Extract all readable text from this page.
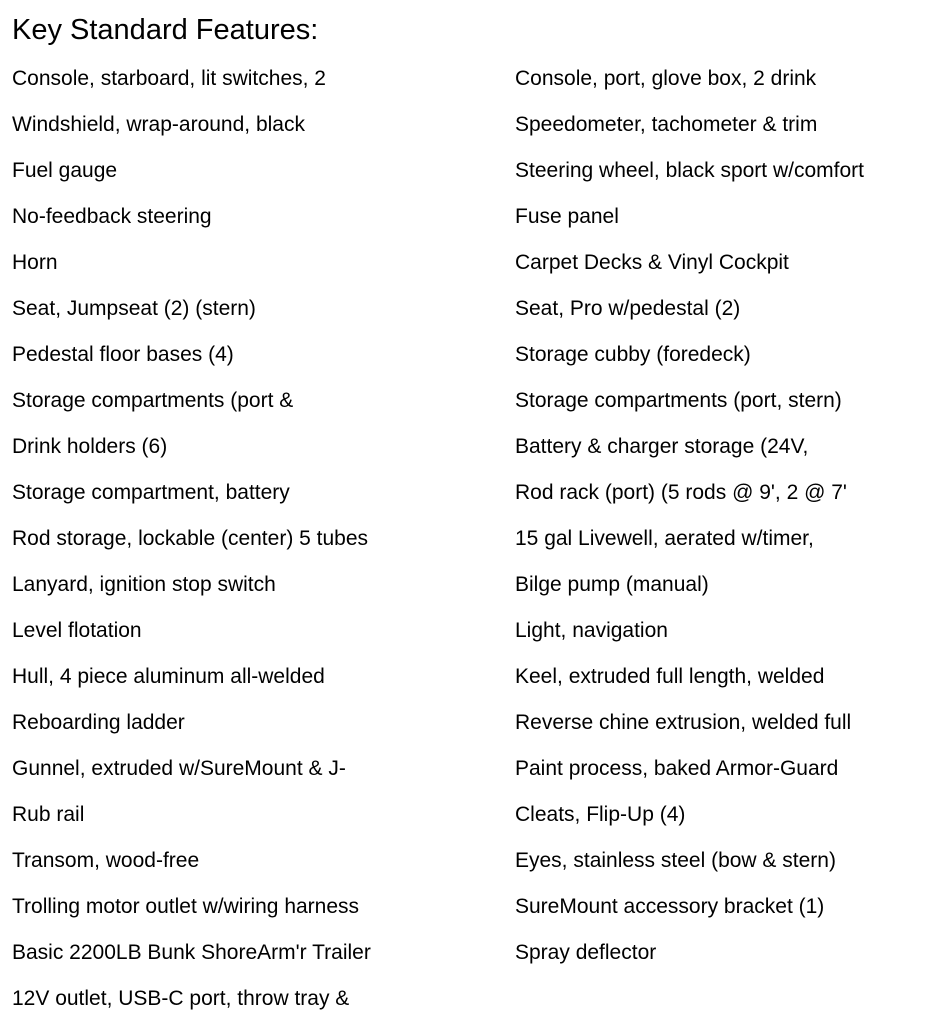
Key Standard Features:
Console, starboard, lit switches, 2
Windshield, wrap-around, black
Fuel gauge
No-feedback steering
Horn
Seat, Jumpseat (2) (stern)
Pedestal floor bases (4)
Storage compartments (port &
Drink holders (6)
Storage compartment, battery
Rod storage, lockable (center) 5 tubes
Lanyard, ignition stop switch
Level flotation
Hull, 4 piece aluminum all-welded
Reboarding ladder
Gunnel, extruded w/SureMount & J-
Rub rail
Transom, wood-free
Trolling motor outlet w/wiring harness
Basic 2200LB Bunk ShoreArm'r Trailer
12V outlet, USB-C port, throw tray &
Console, port, glove box, 2 drink
Speedometer, tachometer & trim
Steering wheel, black sport w/comfort
Fuse panel
Carpet Decks & Vinyl Cockpit
Seat, Pro w/pedestal (2)
Storage cubby (foredeck)
Storage compartments (port, stern)
Battery & charger storage (24V,
Rod rack (port) (5 rods @ 9', 2 @ 7'
15 gal Livewell, aerated w/timer,
Bilge pump (manual)
Light, navigation
Keel, extruded full length, welded
Reverse chine extrusion, welded full
Paint process, baked Armor-Guard
Cleats, Flip-Up (4)
Eyes, stainless steel (bow & stern)
SureMount accessory bracket (1)
Spray deflector
